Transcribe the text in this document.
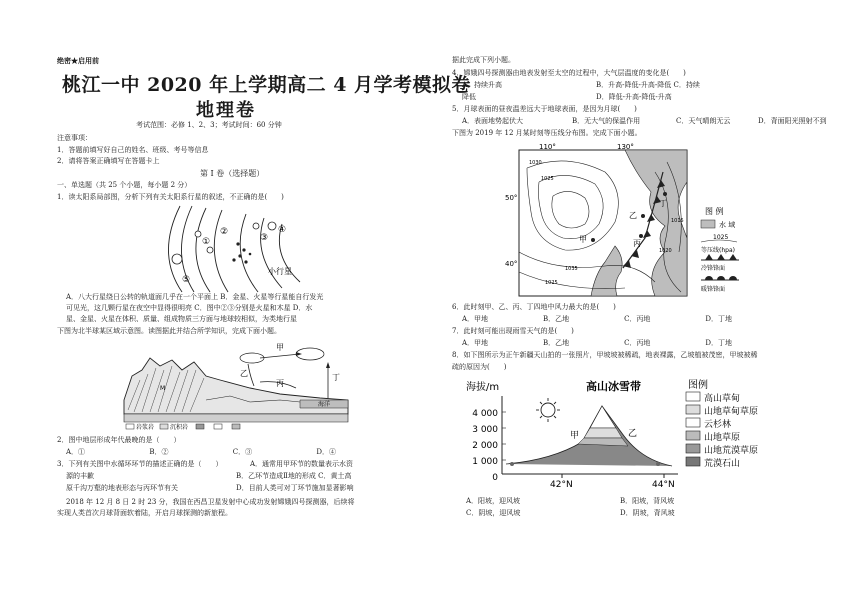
绝密★启用前
桃江一中 2020 年上学期高二 4 月学考模拟卷
地理卷
考试范围：必修 1、2、3；考试时间：60 分钟
注意事项：
1．答题前填写好自己的姓名、班级、考号等信息
2．请将答案正确填写在答题卡上
第 I 卷（选择题）
一、单选题（共 25 个小题，每小题 2 分）
1．读太阳系局部图，分析下列有关太阳系行星的叙述，不正确的是(　　)
⑤
①
②
③
④
小行星
A．八大行星绕日公转的轨道面几乎在一个平面上 B．金星、火星等行星能自行发光
可见光，这几颗行星在夜空中显得很明亮 C．图中②③分别是火星和木星 D．水
星、金星、火星在体积、质量、组成物质三方面与地球较相似，为类地行星
下图为北半球某区域示意图。读图据此并结合所学知识，完成下面小题。
甲
乙
丙
丁
海洋
M
岩浆岩	沉积岩
2．图中地层形成年代最晚的是（　　）
A．①	B．②	C．③	D．④
3．下列有关图中水循环环节的描述正确的是（　　）	A．通常用甲环节的数量表示水资
源的丰歉	B．乙环节造成Ⅱ地的形成 C．黄土高
原千沟万壑的地表形态与丙环节有关	D．目前人类可对丁环节施加显著影响
2018 年 12 月 8 日 2 时 23 分，我国在西昌卫星发射中心成功发射嫦娥四号探测器，后续将
实现人类首次月球背面软着陆，开启月球探测的新旅程。
据此完成下列小题。
4．嫦娥四号探测器由地表发射至太空的过程中，大气层温度的变化是(　　)
A．持续升高	B．升高-降低-升高-降低 C．持续
降低	D．降低-升高-降低-升高
5．月球表面的昼夜温差远大于地球表面，是因为月球(　　)
A．表面地势起伏大	B．无大气的保温作用	C．天气晴朗无云	D．背面阳光照射不到
下图为 2019 年 12 月某时刻等压线分布图。完成下面小题。
甲
乙
丙
丁
110°	130°
50°
40°
1030
1025
1035
1025
1020
1015
图 例
水 域
1025
等压线(hpa)
冷锋锋面
暖锋锋面
6．此时刻甲、乙、丙、丁四地中风力最大的是(　　)
A．甲地	B．乙地	C．丙地	D．丁地
7．此时刻可能出现雨雪天气的是(　　)
A．甲地	B．乙地	C．丙地	D．丁地
8．如下图所示为正午新疆天山拍的一张照片，甲坡坡被稀疏，地表裸露，乙坡植被茂密，甲坡被稀
疏的原因为(　　)
海拔/m	高山冰雪带
4 000
3 000
2 000
1 000
0
甲	乙
42°N	44°N
图例
高山草甸
山地草甸草原
云杉林
山地草原
山地荒漠草原
荒漠石山
A．阳坡，迎风坡	B．阳坡，背风坡
C．阴坡，迎风坡	D．阴坡，背风坡
